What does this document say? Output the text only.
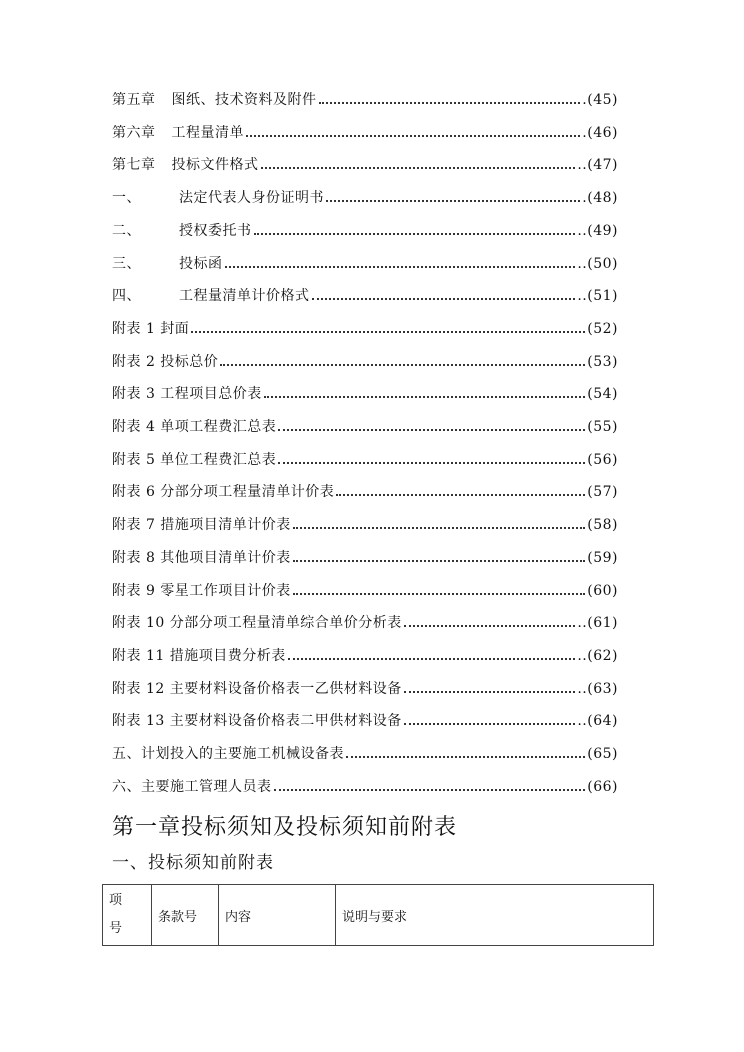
第五章 图纸、技术资料及附件	.(45)
第六章 工程量清单	.(46)
第七章 投标文件格式	..(47)
一、	法定代表人身份证明书	.(48)
二、	授权委托书	..(49)
三、	投标函	..(50)
四、	工程量清单计价格式	..(51)
附表 1 封面	(52)
附表 2 投标总价	(53)
附表 3 工程项目总价表	(54)
附表 4 单项工程费汇总表	(55)
附表 5 单位工程费汇总表	(56)
附表 6 分部分项工程量清单计价表	(57)
附表 7 措施项目清单计价表	(58)
附表 8 其他项目清单计价表	(59)
附表 9 零星工作项目计价表	(60)
附表 10 分部分项工程量清单综合单价分析表	..(61)
附表 11 措施项目费分析表	..(62)
附表 12 主要材料设备价格表一乙供材料设备	..(63)
附表 13 主要材料设备价格表二甲供材料设备	..(64)
五、计划投入的主要施工机械设备表	(65)
六、主要施工管理人员表	(66)
第一章投标须知及投标须知前附表
一、投标须知前附表
项
号	条款号	内容	说明与要求
